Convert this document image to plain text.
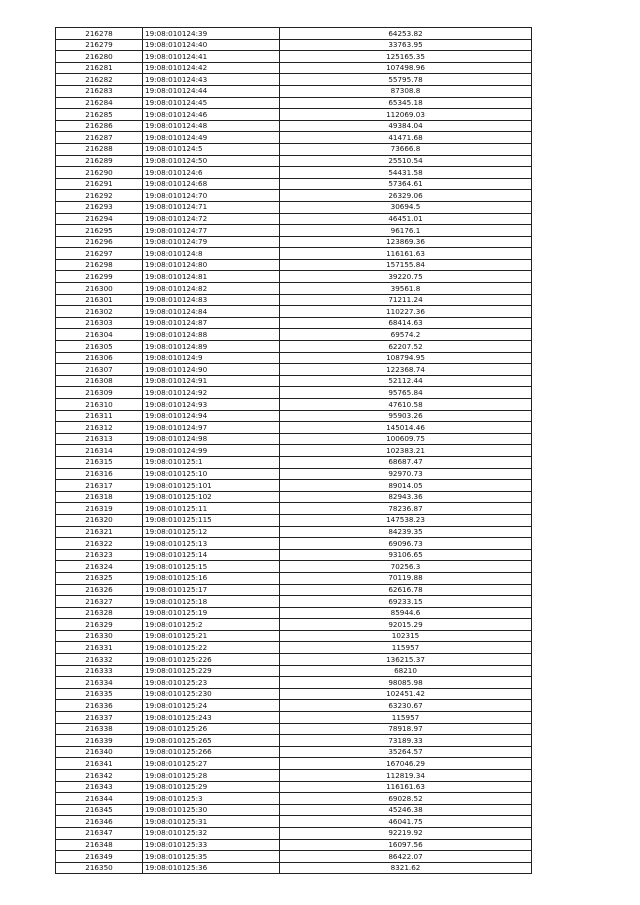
216278	19:08:010124:39	64253.82
216279	19:08:010124:40	33763.95
216280	19:08:010124:41	125165.35
216281	19:08:010124:42	107498.96
216282	19:08:010124:43	55795.78
216283	19:08:010124:44	87308.8
216284	19:08:010124:45	65345.18
216285	19:08:010124:46	112069.03
216286	19:08:010124:48	49384.04
216287	19:08:010124:49	41471.68
216288	19:08:010124:5	73666.8
216289	19:08:010124:50	25510.54
216290	19:08:010124:6	54431.58
216291	19:08:010124:68	57364.61
216292	19:08:010124:70	26329.06
216293	19:08:010124:71	30694.5
216294	19:08:010124:72	46451.01
216295	19:08:010124:77	96176.1
216296	19:08:010124:79	123869.36
216297	19:08:010124:8	116161.63
216298	19:08:010124:80	157155.84
216299	19:08:010124:81	39220.75
216300	19:08:010124:82	39561.8
216301	19:08:010124:83	71211.24
216302	19:08:010124:84	110227.36
216303	19:08:010124:87	68414.63
216304	19:08:010124:88	69574.2
216305	19:08:010124:89	62207.52
216306	19:08:010124:9	108794.95
216307	19:08:010124:90	122368.74
216308	19:08:010124:91	52112.44
216309	19:08:010124:92	95765.84
216310	19:08:010124:93	47610.58
216311	19:08:010124:94	95903.26
216312	19:08:010124:97	145014.46
216313	19:08:010124:98	100609.75
216314	19:08:010124:99	102383.21
216315	19:08:010125:1	68687.47
216316	19:08:010125:10	92970.73
216317	19:08:010125:101	89014.05
216318	19:08:010125:102	82943.36
216319	19:08:010125:11	78236.87
216320	19:08:010125:115	147538.23
216321	19:08:010125:12	84239.35
216322	19:08:010125:13	69096.73
216323	19:08:010125:14	93106.65
216324	19:08:010125:15	70256.3
216325	19:08:010125:16	70119.88
216326	19:08:010125:17	62616.78
216327	19:08:010125:18	69233.15
216328	19:08:010125:19	85944.6
216329	19:08:010125:2	92015.29
216330	19:08:010125:21	102315
216331	19:08:010125:22	115957
216332	19:08:010125:226	136215.37
216333	19:08:010125:229	68210
216334	19:08:010125:23	98085.98
216335	19:08:010125:230	102451.42
216336	19:08:010125:24	63230.67
216337	19:08:010125:243	115957
216338	19:08:010125:26	78918.97
216339	19:08:010125:265	73189.33
216340	19:08:010125:266	35264.57
216341	19:08:010125:27	167046.29
216342	19:08:010125:28	112819.34
216343	19:08:010125:29	116161.63
216344	19:08:010125:3	69028.52
216345	19:08:010125:30	45246.38
216346	19:08:010125:31	46041.75
216347	19:08:010125:32	92219.92
216348	19:08:010125:33	16097.56
216349	19:08:010125:35	86422.07
216350	19:08:010125:36	8321.62
